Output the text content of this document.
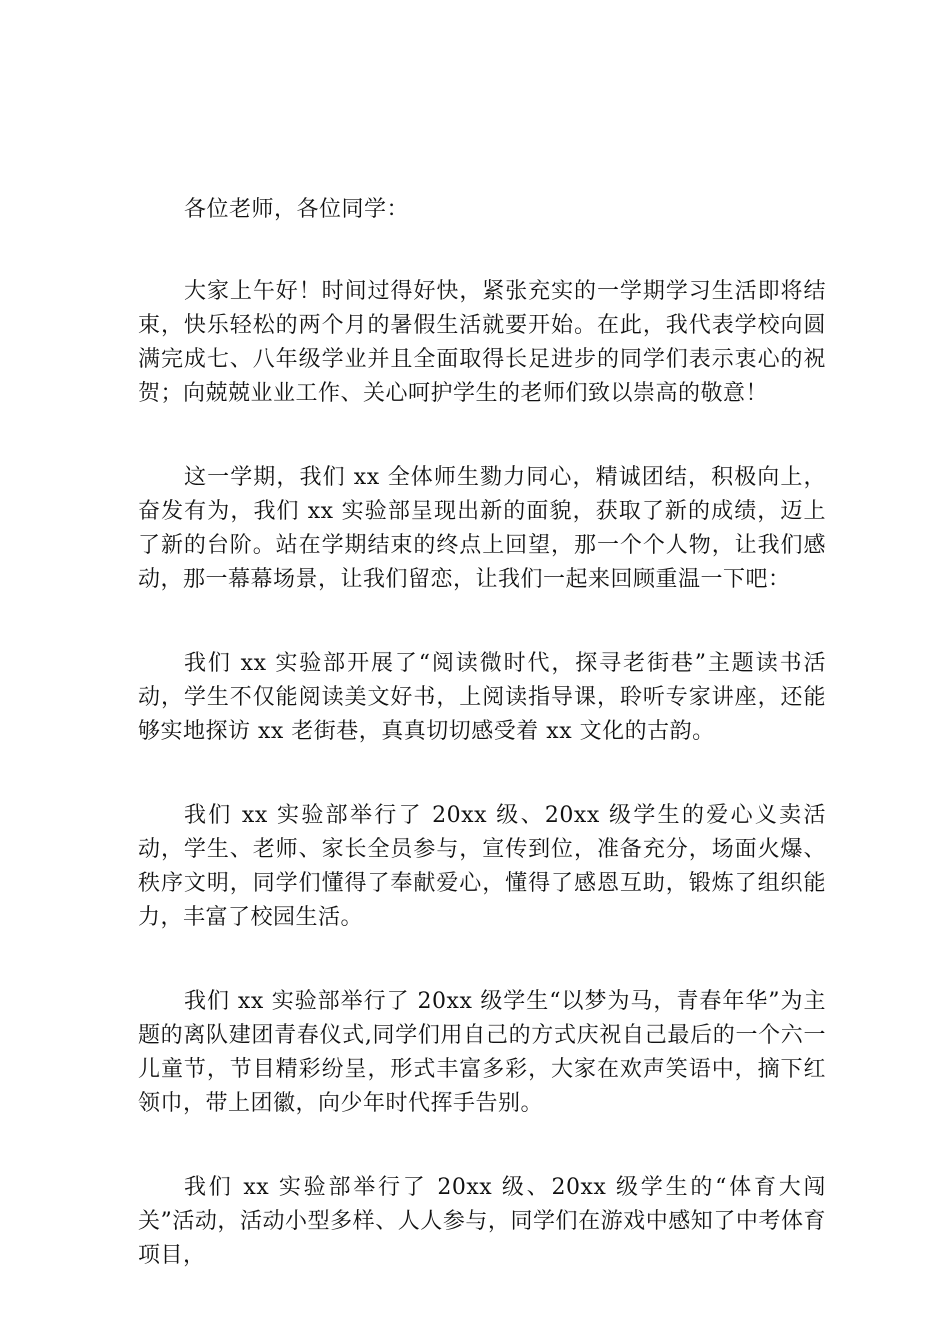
各位老师，各位同学：

大家上午好！时间过得好快，紧张充实的一学期学习生活即将结束，快乐轻松的两个月的暑假生活就要开始。在此，我代表学校向圆满完成七、八年级学业并且全面取得长足进步的同学们表示衷心的祝贺；向兢兢业业工作、关心呵护学生的老师们致以崇高的敬意！

这一学期，我们 xx 全体师生勠力同心，精诚团结，积极向上，奋发有为，我们 xx 实验部呈现出新的面貌，获取了新的成绩，迈上了新的台阶。站在学期结束的终点上回望，那一个个人物，让我们感动，那一幕幕场景，让我们留恋，让我们一起来回顾重温一下吧：

我们 xx 实验部开展了“阅读微时代，探寻老街巷”主题读书活动，学生不仅能阅读美文好书，上阅读指导课，聆听专家讲座，还能够实地探访 xx 老街巷，真真切切感受着 xx 文化的古韵。

我们 xx 实验部举行了 20xx 级、20xx 级学生的爱心义卖活动，学生、老师、家长全员参与，宣传到位，准备充分，场面火爆、秩序文明，同学们懂得了奉献爱心，懂得了感恩互助，锻炼了组织能力，丰富了校园生活。

我们 xx 实验部举行了 20xx 级学生“以梦为马，青春年华”为主题的离队建团青春仪式,同学们用自己的方式庆祝自己最后的一个六一儿童节，节目精彩纷呈，形式丰富多彩，大家在欢声笑语中，摘下红领巾，带上团徽，向少年时代挥手告别。

我们 xx 实验部举行了 20xx 级、20xx 级学生的“体育大闯关”活动，活动小型多样、人人参与，同学们在游戏中感知了中考体育项目，
